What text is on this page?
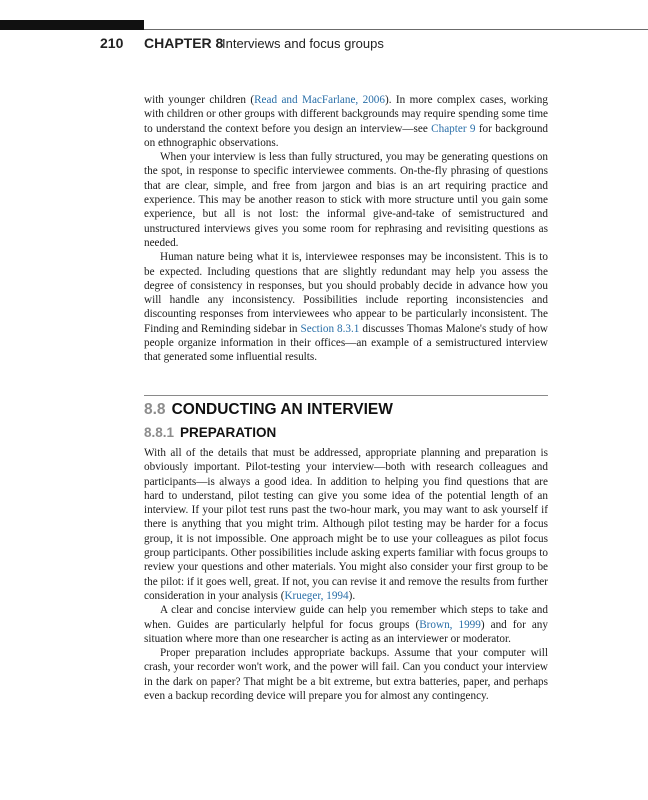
210 CHAPTER 8
Interviews and focus groups

with younger children (Read and MacFarlane, 2006). In more complex cases, working with children or other groups with different backgrounds may require spending some time to understand the context before you design an interview—see Chapter 9 for background on ethnographic observations.

When your interview is less than fully structured, you may be generating questions on the spot, in response to specific interviewee comments. On-the-fly phrasing of questions that are clear, simple, and free from jargon and bias is an art requiring practice and experience. This may be another reason to stick with more structure until you gain some experience, but all is not lost: the informal give-and-take of semistructured and unstructured interviews gives you some room for rephrasing and revisiting questions as needed.

Human nature being what it is, interviewee responses may be inconsistent. This is to be expected. Including questions that are slightly redundant may help you assess the degree of consistency in responses, but you should probably decide in advance how you will handle any inconsistency. Possibilities include reporting inconsistencies and discounting responses from interviewees who appear to be particularly inconsistent. The Finding and Reminding sidebar in Section 8.3.1 discusses Thomas Malone's study of how people organize information in their offices—an example of a semistructured interview that generated some influential results.

8.8 CONDUCTING AN INTERVIEW
8.8.1 PREPARATION

With all of the details that must be addressed, appropriate planning and preparation is obviously important. Pilot-testing your interview—both with research colleagues and participants—is always a good idea. In addition to helping you find questions that are hard to understand, pilot testing can give you some idea of the potential length of an interview. If your pilot test runs past the two-hour mark, you may want to ask yourself if there is anything that you might trim. Although pilot testing may be harder for a focus group, it is not impossible. One approach might be to use your colleagues as pilot focus group participants. Other possibilities include asking experts familiar with focus groups to review your questions and other materials. You might also consider your first group to be the pilot: if it goes well, great. If not, you can revise it and remove the results from further consideration in your analysis (Krueger, 1994).

A clear and concise interview guide can help you remember which steps to take and when. Guides are particularly helpful for focus groups (Brown, 1999) and for any situation where more than one researcher is acting as an interviewer or moderator.

Proper preparation includes appropriate backups. Assume that your computer will crash, your recorder won't work, and the power will fail. Can you conduct your interview in the dark on paper? That might be a bit extreme, but extra batteries, paper, and perhaps even a backup recording device will prepare you for almost any contingency.
